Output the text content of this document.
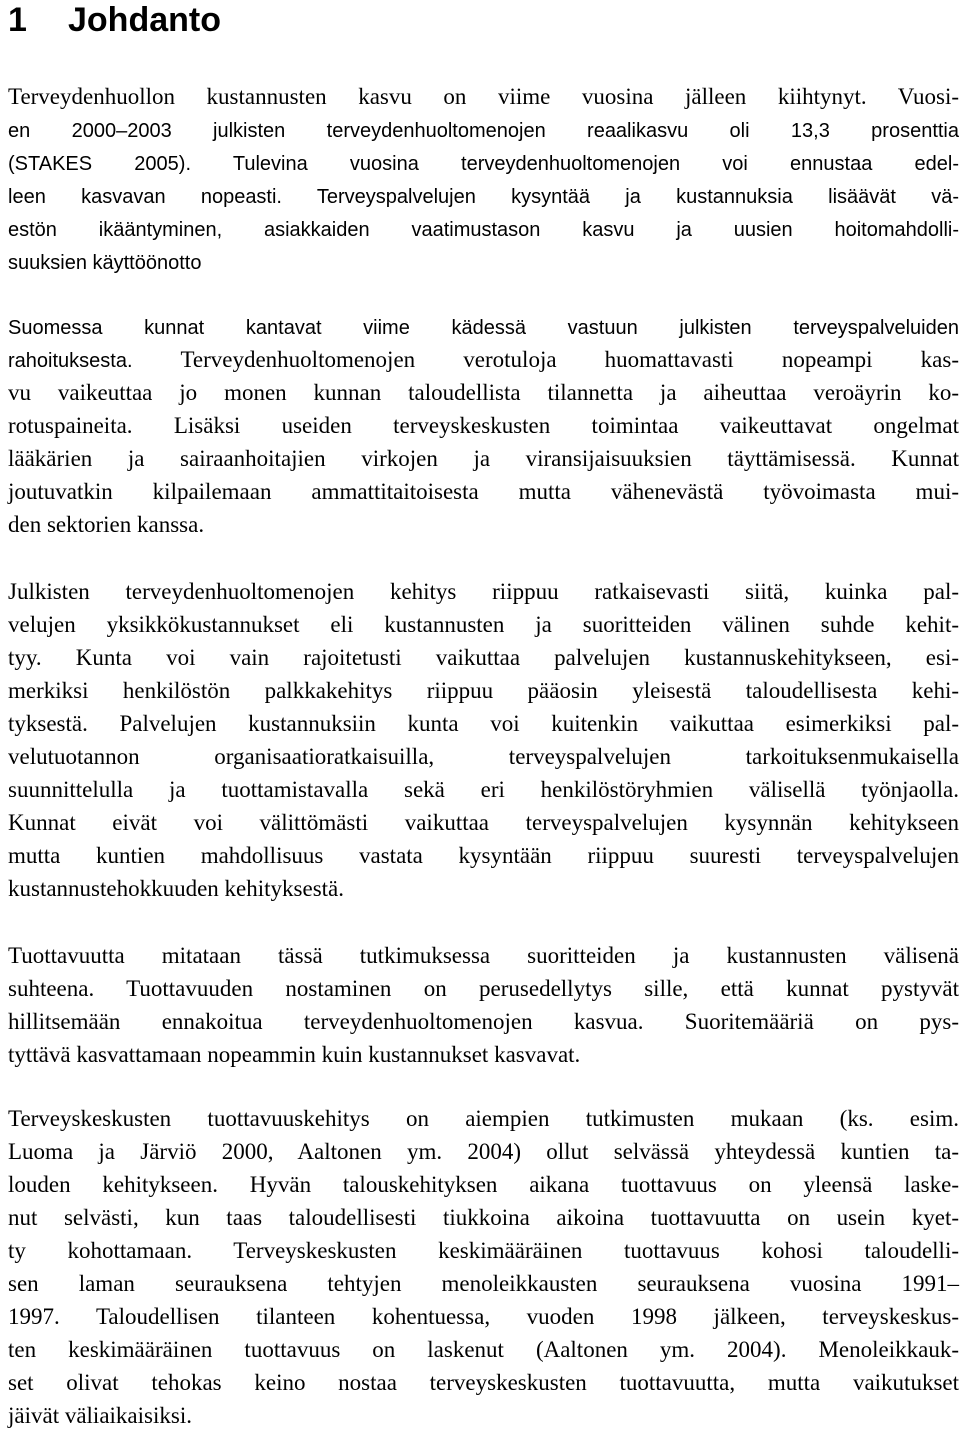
1 Johdanto
Terveydenhuollon kustannusten kasvu on viime vuosina jälleen kiihtynyt. Vuosi-
en 2000–2003 julkisten terveydenhuoltomenojen reaalikasvu oli 13,3 prosenttia
(STAKES 2005). Tulevina vuosina terveydenhuoltomenojen voi ennustaa edel-
leen kasvavan nopeasti. Terveyspalvelujen kysyntää ja kustannuksia lisäävät vä-
estön ikääntyminen, asiakkaiden vaatimustason kasvu ja uusien hoitomahdolli-
suuksien käyttöönotto
Suomessa kunnat kantavat viime kädessä vastuun julkisten terveyspalveluiden
rahoituksesta. Terveydenhuoltomenojen verotuloja huomattavasti nopeampi kas-
vu vaikeuttaa jo monen kunnan taloudellista tilannetta ja aiheuttaa veroäyrin ko-
rotuspaineita. Lisäksi useiden terveyskeskusten toimintaa vaikeuttavat ongelmat
lääkärien ja sairaanhoitajien virkojen ja viransijaisuuksien täyttämisessä. Kunnat
joutuvatkin kilpailemaan ammattitaitoisesta mutta vähenevästä työvoimasta mui-
den sektorien kanssa.
Julkisten terveydenhuoltomenojen kehitys riippuu ratkaisevasti siitä, kuinka pal-
velujen yksikkökustannukset eli kustannusten ja suoritteiden välinen suhde kehit-
tyy. Kunta voi vain rajoitetusti vaikuttaa palvelujen kustannuskehitykseen, esi-
merkiksi henkilöstön palkkakehitys riippuu pääosin yleisestä taloudellisesta kehi-
tyksestä. Palvelujen kustannuksiin kunta voi kuitenkin vaikuttaa esimerkiksi pal-
velutuotannon organisaatioratkaisuilla, terveyspalvelujen tarkoituksenmukaisella
suunnittelulla ja tuottamistavalla sekä eri henkilöstöryhmien välisellä työnjaolla.
Kunnat eivät voi välittömästi vaikuttaa terveyspalvelujen kysynnän kehitykseen
mutta kuntien mahdollisuus vastata kysyntään riippuu suuresti terveyspalvelujen
kustannustehokkuuden kehityksestä.
Tuottavuutta mitataan tässä tutkimuksessa suoritteiden ja kustannusten välisenä
suhteena. Tuottavuuden nostaminen on perusedellytys sille, että kunnat pystyvät
hillitsemään ennakoitua terveydenhuoltomenojen kasvua. Suoritemääriä on pys-
tyttävä kasvattamaan nopeammin kuin kustannukset kasvavat.
Terveyskeskusten tuottavuuskehitys on aiempien tutkimusten mukaan (ks. esim.
Luoma ja Järviö 2000, Aaltonen ym. 2004) ollut selvässä yhteydessä kuntien ta-
louden kehitykseen. Hyvän talouskehityksen aikana tuottavuus on yleensä laske-
nut selvästi, kun taas taloudellisesti tiukkoina aikoina tuottavuutta on usein kyet-
ty kohottamaan. Terveyskeskusten keskimääräinen tuottavuus kohosi taloudelli-
sen laman seurauksena tehtyjen menoleikkausten seurauksena vuosina 1991–
1997. Taloudellisen tilanteen kohentuessa, vuoden 1998 jälkeen, terveyskeskus-
ten keskimääräinen tuottavuus on laskenut (Aaltonen ym. 2004). Menoleikkauk-
set olivat tehokas keino nostaa terveyskeskusten tuottavuutta, mutta vaikutukset
jäivät väliaikaisiksi.
